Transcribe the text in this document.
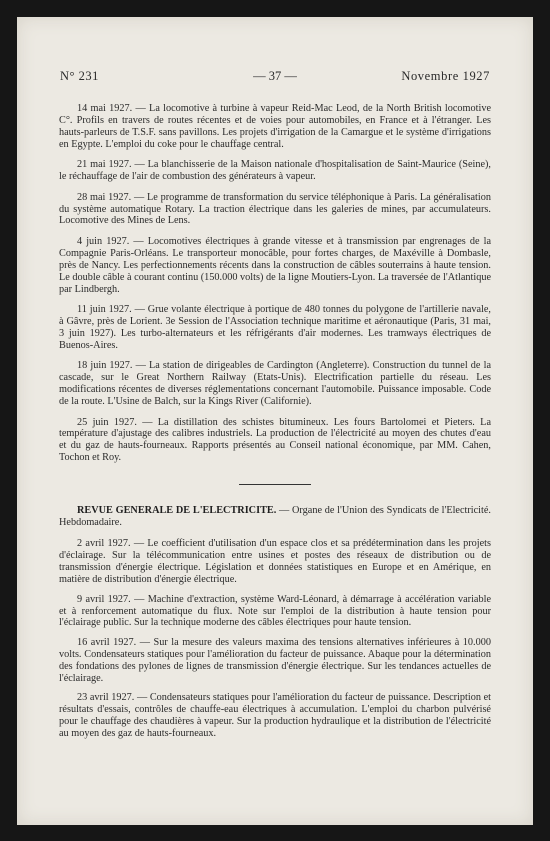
N° 231	— 37 —	Novembre 1927

14 mai 1927. — La locomotive à turbine à vapeur Reid-Mac Leod, de la North British locomotive C°. Profils en travers de routes récentes et de voies pour automobiles, en France et à l'étranger. Les hauts-parleurs de T.S.F. sans pavillons. Les projets d'irrigation de la Camargue et le système d'irrigations en Egypte. L'emploi du coke pour le chauffage central.

21 mai 1927. — La blanchisserie de la Maison nationale d'hospitalisation de Saint-Maurice (Seine), le réchauffage de l'air de combustion des générateurs à vapeur.

28 mai 1927. — Le programme de transformation du service téléphonique à Paris. La généralisation du système automatique Rotary. La traction électrique dans les galeries de mines, par accumulateurs. Locomotive des Mines de Lens.

4 juin 1927. — Locomotives électriques à grande vitesse et à transmission par engrenages de la Compagnie Paris-Orléans. Le transporteur monocâble, pour fortes charges, de Maxéville à Dombasle, près de Nancy. Les perfectionnements récents dans la construction de câbles souterrains à haute tension. Le double câble à courant continu (150.000 volts) de la ligne Moutiers-Lyon. La traversée de l'Atlantique par Lindbergh.

11 juin 1927. — Grue volante électrique à portique de 480 tonnes du polygone de l'artillerie navale, à Gâvre, près de Lorient. 3e Session de l'Association technique maritime et aéronautique (Paris, 31 mai, 3 juin 1927). Les turbo-alternateurs et les réfrigérants d'air modernes. Les tramways électriques de Buenos-Aires.

18 juin 1927. — La station de dirigeables de Cardington (Angleterre). Construction du tunnel de la cascade, sur le Great Northern Railway (Etats-Unis). Electrification partielle du réseau. Les modifications récentes de diverses réglementations concernant l'automobile. Puissance imposable. Code de la route. L'Usine de Balch, sur la Kings River (Californie).

25 juin 1927. — La distillation des schistes bitumineux. Les fours Bartolomei et Pieters. La température d'ajustage des calibres industriels. La production de l'électricité au moyen des chutes d'eau et du gaz de hauts-fourneaux. Rapports présentés au Conseil national économique, par MM. Cahen, Tochon et Roy.

REVUE GENERALE DE L'ELECTRICITE. — Organe de l'Union des Syndicats de l'Electricité. Hebdomadaire.

2 avril 1927. — Le coefficient d'utilisation d'un espace clos et sa prédétermination dans les projets d'éclairage. Sur la télécommunication entre usines et postes des réseaux de distribution ou de transmission d'énergie électrique. Législation et données statistiques en Europe et en Amérique, en matière de distribution d'énergie électrique.

9 avril 1927. — Machine d'extraction, système Ward-Léonard, à démarrage à accélération variable et à renforcement automatique du flux. Note sur l'emploi de la distribution à haute tension pour l'éclairage public. Sur la technique moderne des câbles électriques pour haute tension.

16 avril 1927. — Sur la mesure des valeurs maxima des tensions alternatives inférieures à 10.000 volts. Condensateurs statiques pour l'amélioration du facteur de puissance. Abaque pour la détermination des fondations des pylones de lignes de transmission d'énergie électrique. Sur les tendances actuelles de l'éclairage.

23 avril 1927. — Condensateurs statiques pour l'amélioration du facteur de puissance. Description et résultats d'essais, contrôles de chauffe-eau électriques à accumulation. L'emploi du charbon pulvérisé pour le chauffage des chaudières à vapeur. Sur la production hydraulique et la distribution de l'électricité au moyen des gaz de hauts-fourneaux.
